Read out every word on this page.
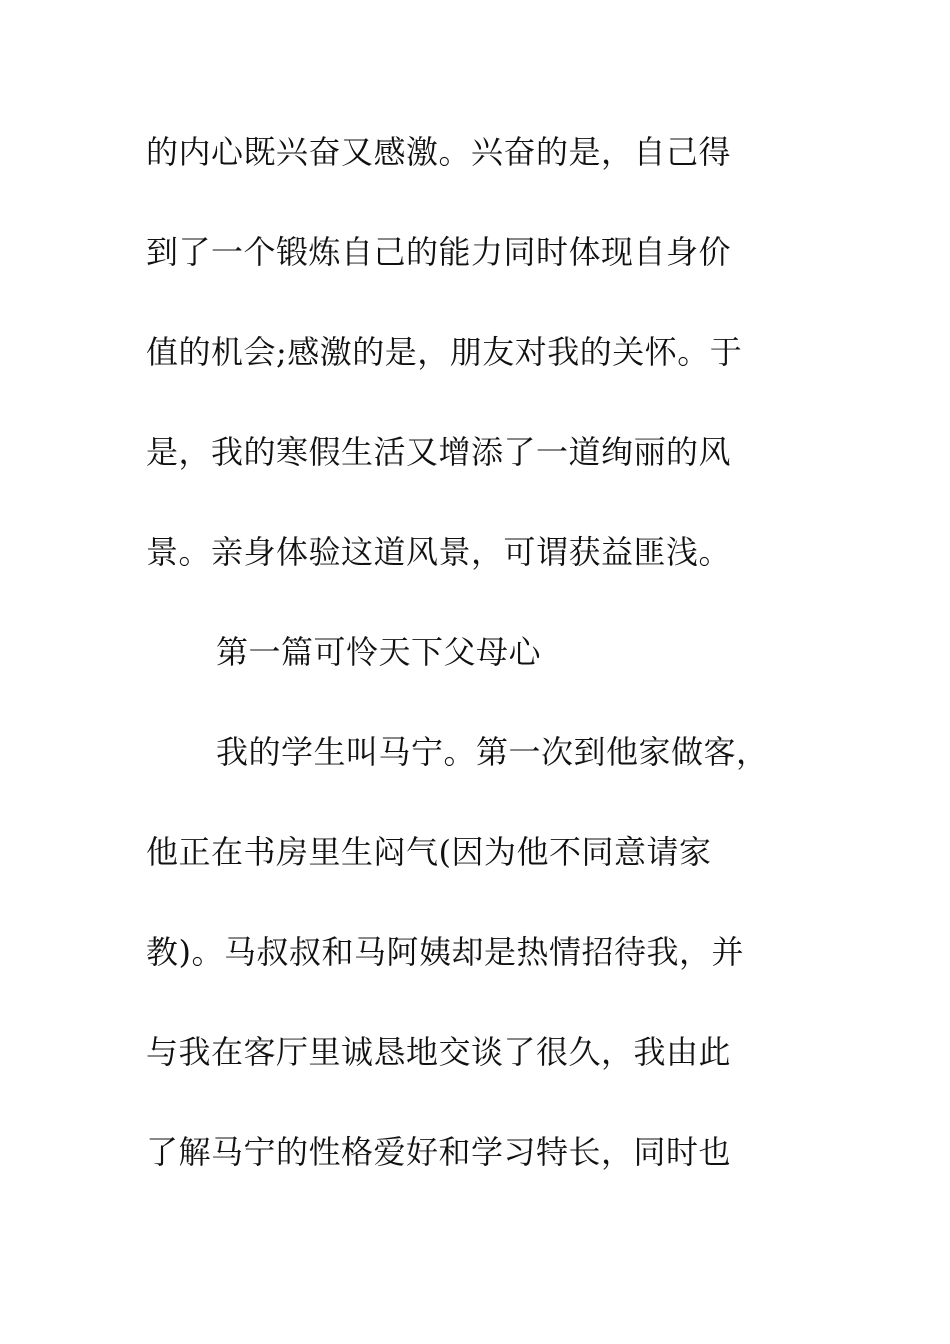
的内心既兴奋又感激。兴奋的是，自己得
到了一个锻炼自己的能力同时体现自身价
值的机会;感激的是，朋友对我的关怀。于
是，我的寒假生活又增添了一道绚丽的风
景。亲身体验这道风景，可谓获益匪浅。
第一篇可怜天下父母心
我的学生叫马宁。第一次到他家做客，
他正在书房里生闷气(因为他不同意请家
教)。马叔叔和马阿姨却是热情招待我，并
与我在客厅里诚恳地交谈了很久，我由此
了解马宁的性格爱好和学习特长，同时也
